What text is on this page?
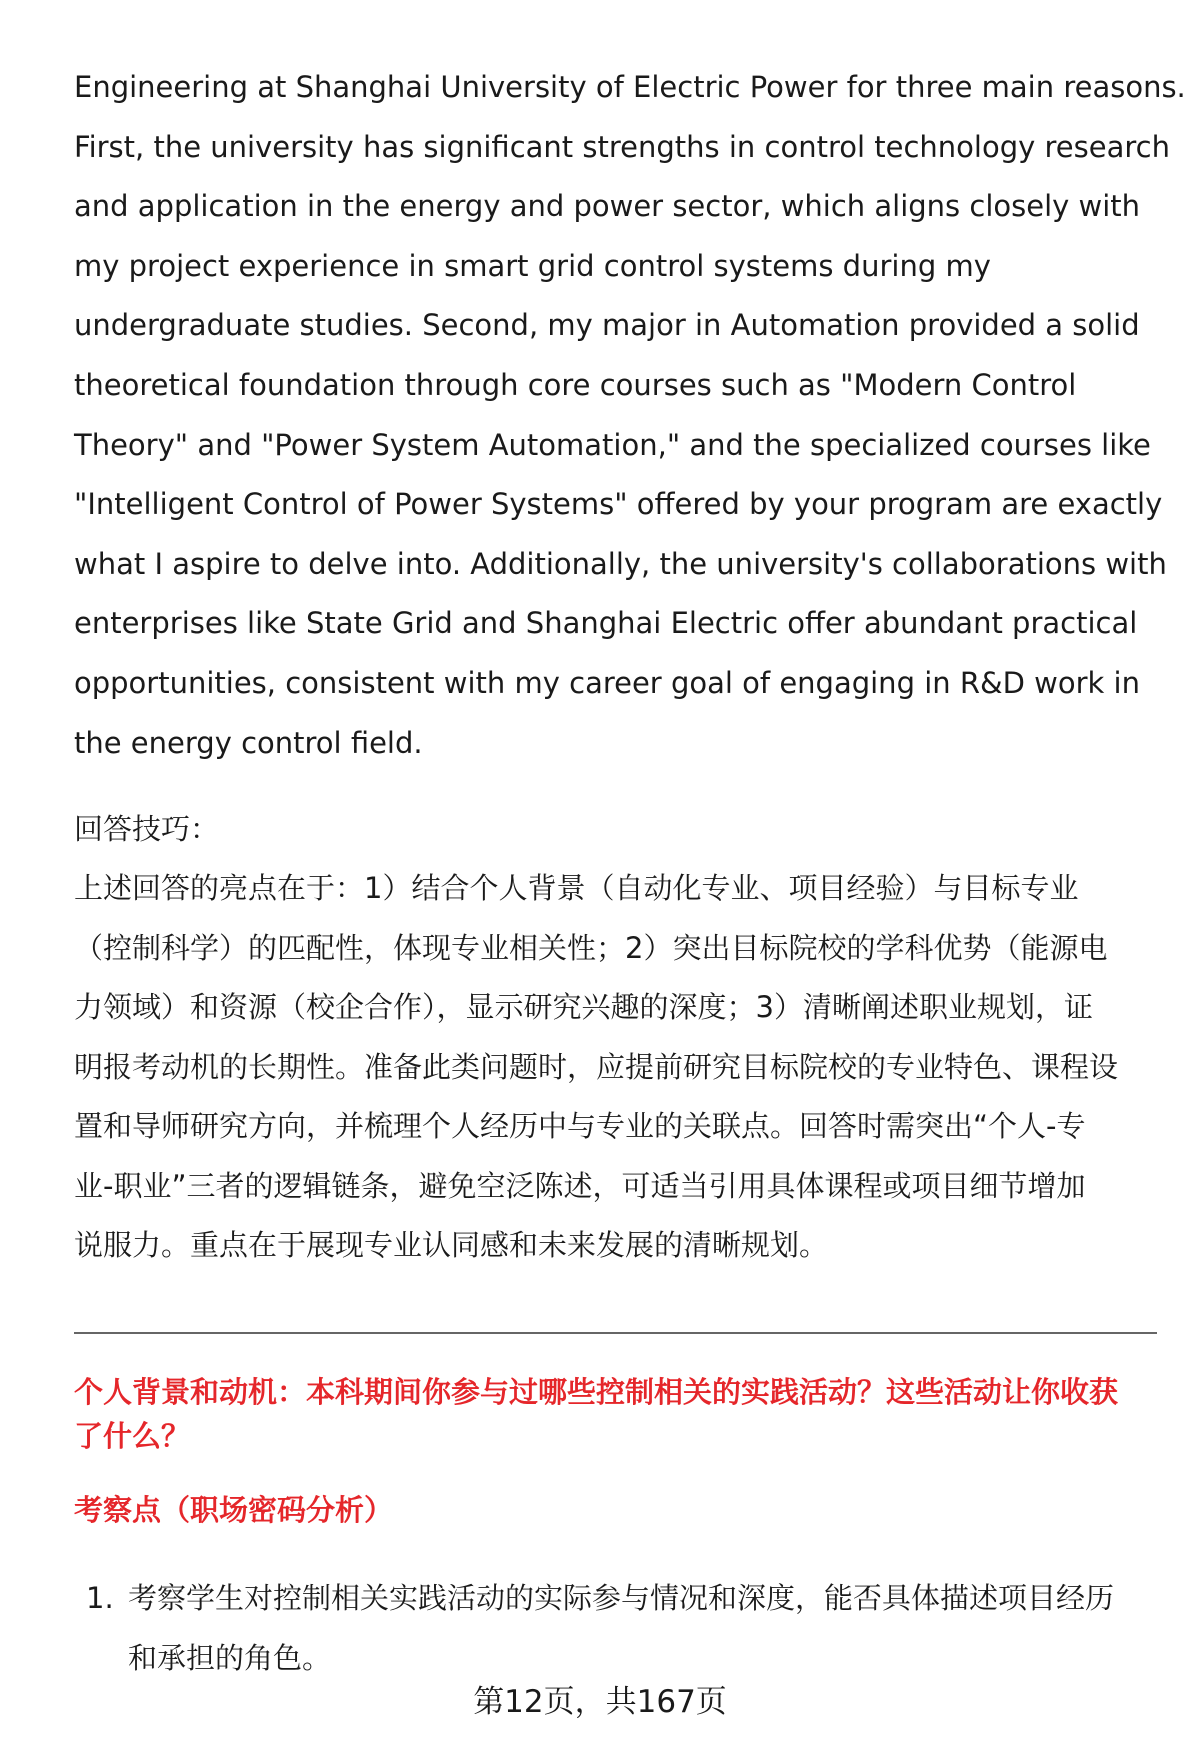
Engineering at Shanghai University of Electric Power for three main reasons.
First, the university has significant strengths in control technology research
and application in the energy and power sector, which aligns closely with
my project experience in smart grid control systems during my
undergraduate studies. Second, my major in Automation provided a solid
theoretical foundation through core courses such as "Modern Control
Theory" and "Power System Automation," and the specialized courses like
"Intelligent Control of Power Systems" offered by your program are exactly
what I aspire to delve into. Additionally, the university's collaborations with
enterprises like State Grid and Shanghai Electric offer abundant practical
opportunities, consistent with my career goal of engaging in R&D work in
the energy control field.
回答技巧：
上述回答的亮点在于：1）结合个人背景（自动化专业、项目经验）与目标专业
（控制科学）的匹配性，体现专业相关性；2）突出目标院校的学科优势（能源电
力领域）和资源（校企合作），显示研究兴趣的深度；3）清晰阐述职业规划，证
明报考动机的长期性。准备此类问题时，应提前研究目标院校的专业特色、课程设
置和导师研究方向，并梳理个人经历中与专业的关联点。回答时需突出“个人-专
业-职业”三者的逻辑链条，避免空泛陈述，可适当引用具体课程或项目细节增加
说服力。重点在于展现专业认同感和未来发展的清晰规划。
个人背景和动机：本科期间你参与过哪些控制相关的实践活动？这些活动让你收获
了什么？
考察点（职场密码分析）
1. 考察学生对控制相关实践活动的实际参与情况和深度，能否具体描述项目经历
和承担的角色。
第12页，共167页
